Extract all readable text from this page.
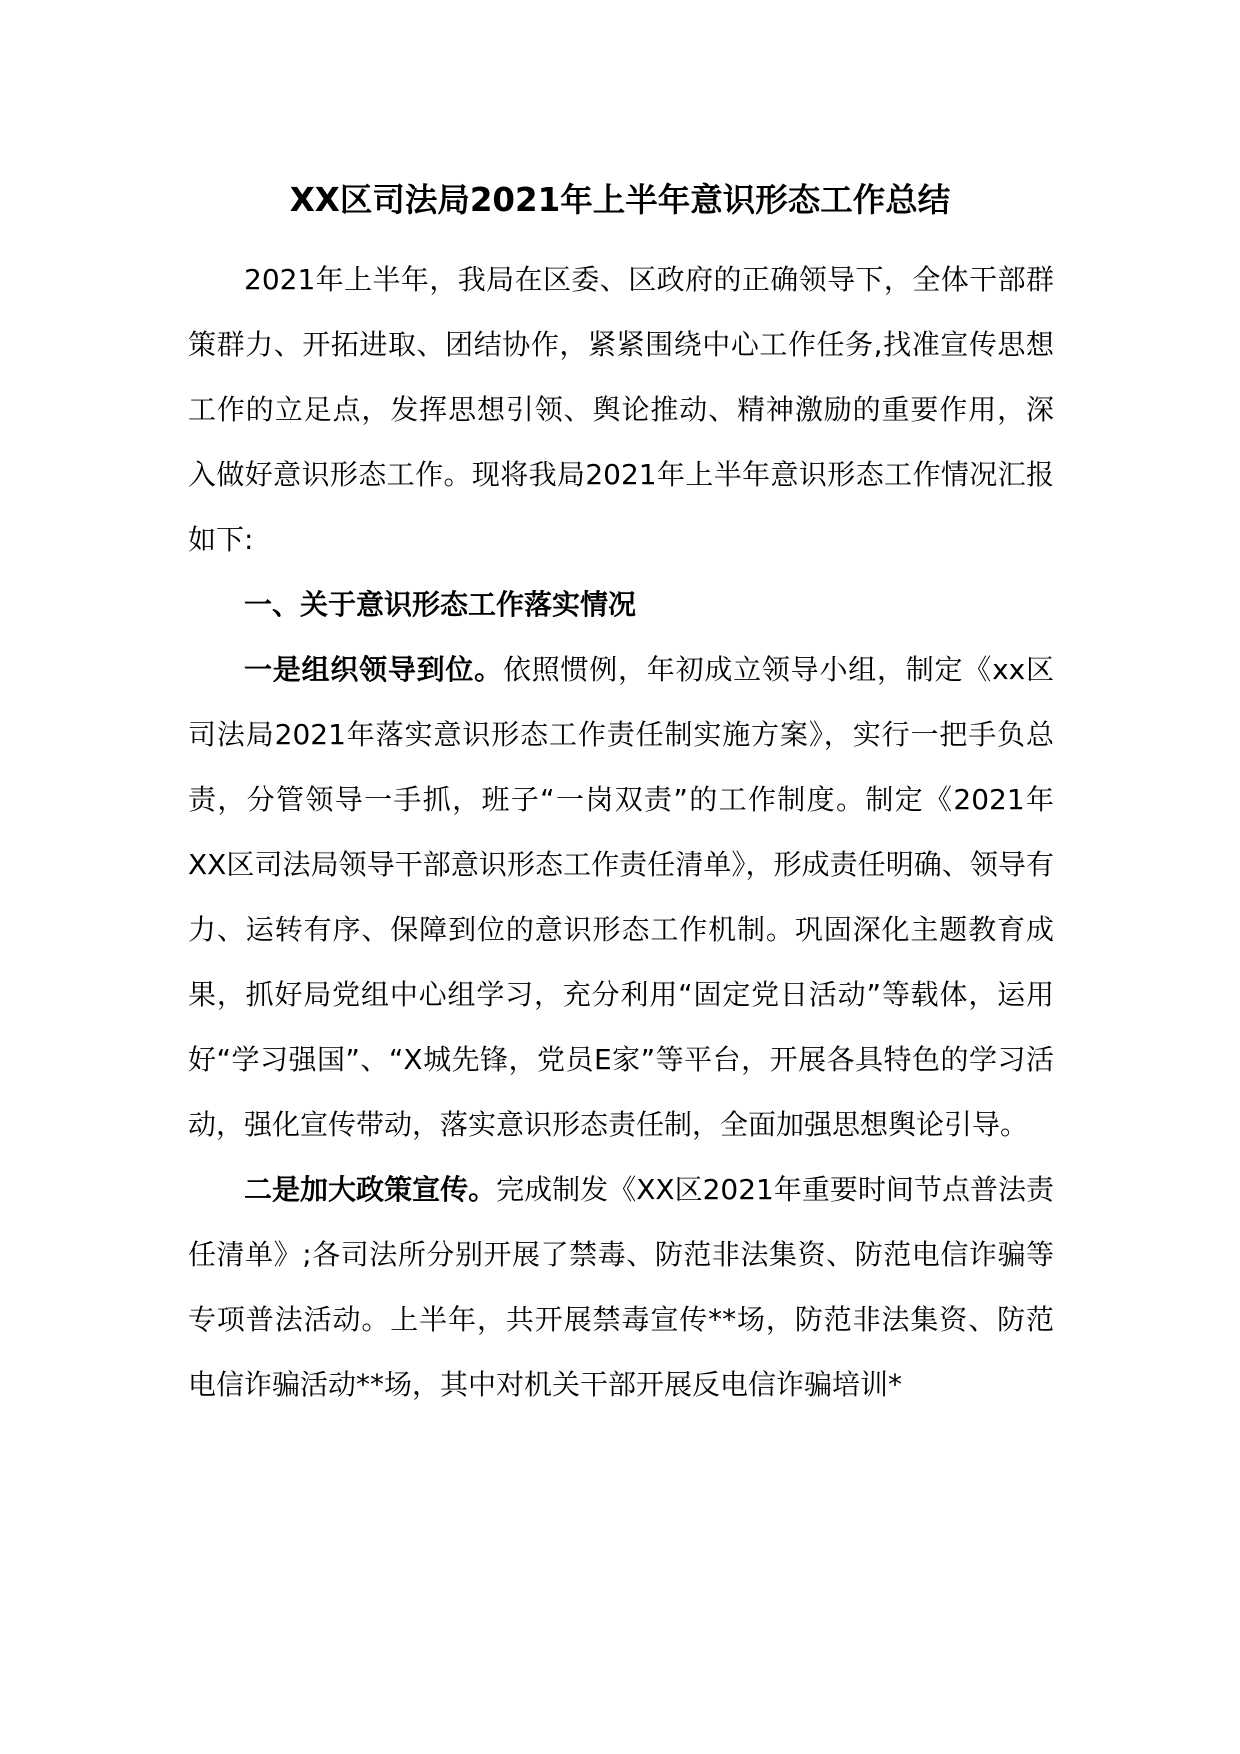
XX区司法局2021年上半年意识形态工作总结

2021年上半年，我局在区委、区政府的正确领导下，全体干部群策群力、开拓进取、团结协作，紧紧围绕中心工作任务,找准宣传思想工作的立足点，发挥思想引领、舆论推动、精神激励的重要作用，深入做好意识形态工作。现将我局2021年上半年意识形态工作情况汇报如下:

一、关于意识形态工作落实情况

一是组织领导到位。依照惯例，年初成立领导小组，制定《xx区司法局2021年落实意识形态工作责任制实施方案》，实行一把手负总责，分管领导一手抓，班子“一岗双责”的工作制度。制定《2021年XX区司法局领导干部意识形态工作责任清单》，形成责任明确、领导有力、运转有序、保障到位的意识形态工作机制。巩固深化主题教育成果，抓好局党组中心组学习，充分利用“固定党日活动”等载体，运用好“学习强国”、“X城先锋，党员E家”等平台，开展各具特色的学习活动，强化宣传带动，落实意识形态责任制，全面加强思想舆论引导。

二是加大政策宣传。完成制发《XX区2021年重要时间节点普法责任清单》;各司法所分别开展了禁毒、防范非法集资、防范电信诈骗等专项普法活动。上半年，共开展禁毒宣传**场，防范非法集资、防范电信诈骗活动**场，其中对机关干部开展反电信诈骗培训*
